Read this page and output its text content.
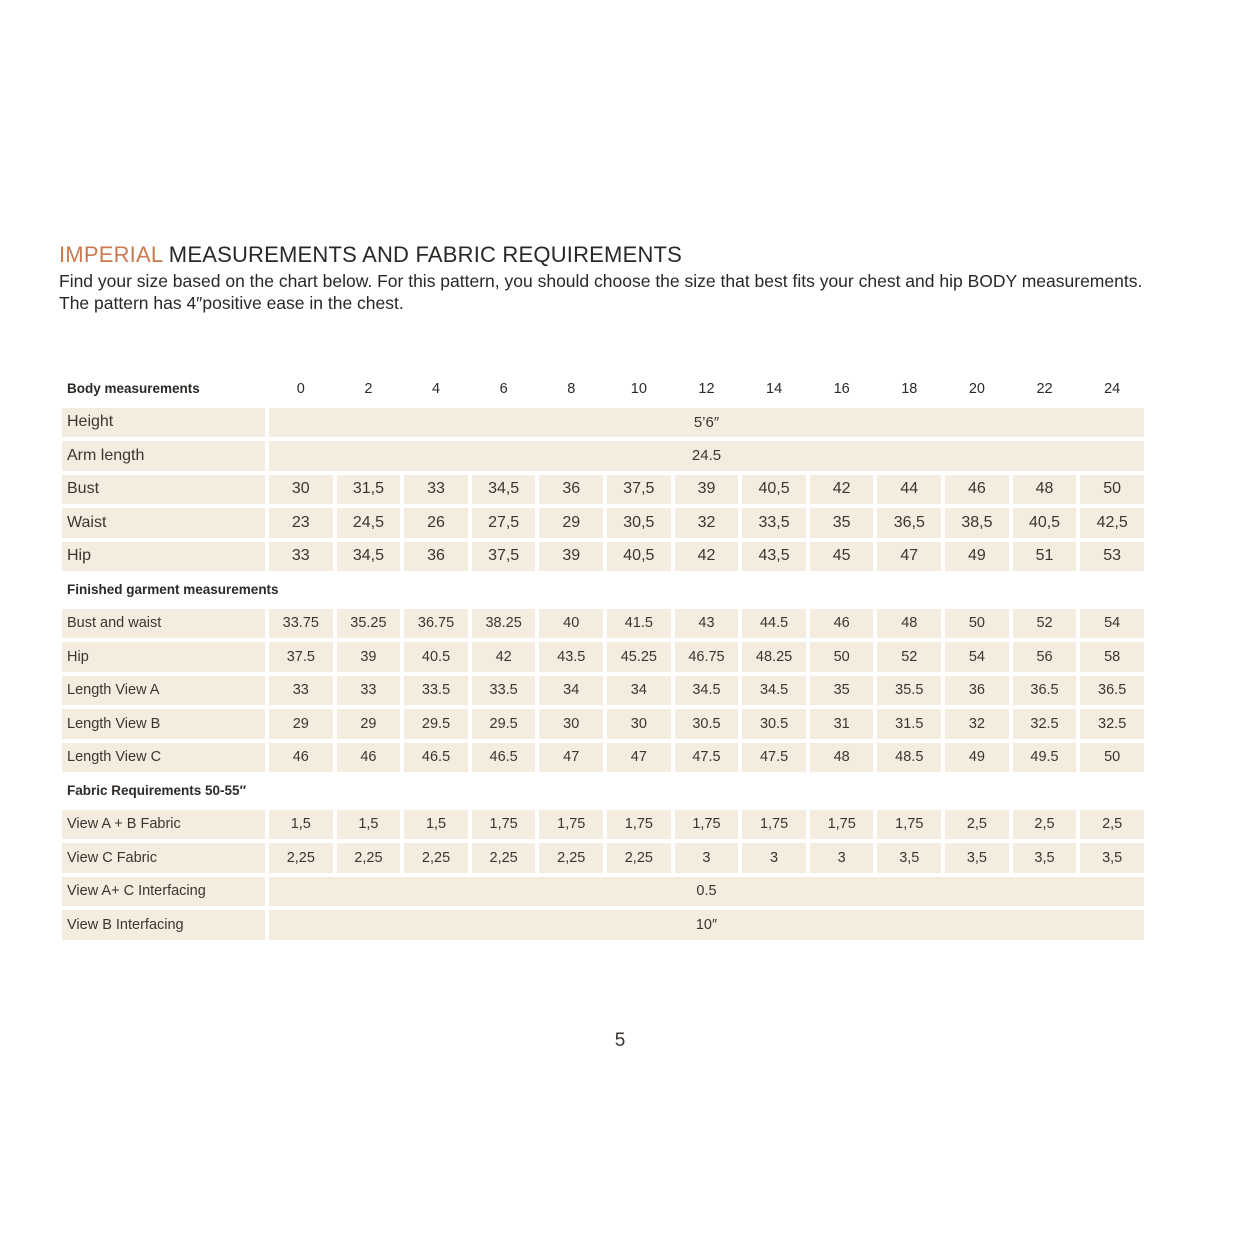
IMPERIAL MEASUREMENTS AND FABRIC REQUIREMENTS
Find your size based on the chart below. For this pattern, you should choose the size that best fits your chest and hip BODY measurements. The pattern has 4″positive ease in the chest.
Body measurements	0	2	4	6	8	10	12	14	16	18	20	22	24
Height	5’6″												
Arm length	24.5												
Bust	30	31,5	33	34,5	36	37,5	39	40,5	42	44	46	48	50
Waist	23	24,5	26	27,5	29	30,5	32	33,5	35	36,5	38,5	40,5	42,5
Hip	33	34,5	36	37,5	39	40,5	42	43,5	45	47	49	51	53
Finished garment measurements													
Bust and waist	33.75	35.25	36.75	38.25	40	41.5	43	44.5	46	48	50	52	54
Hip	37.5	39	40.5	42	43.5	45.25	46.75	48.25	50	52	54	56	58
Length View A	33	33	33.5	33.5	34	34	34.5	34.5	35	35.5	36	36.5	36.5
Length View B	29	29	29.5	29.5	30	30	30.5	30.5	31	31.5	32	32.5	32.5
Length View C	46	46	46.5	46.5	47	47	47.5	47.5	48	48.5	49	49.5	50
Fabric Requirements 50-55″													
View A + B Fabric	1,5	1,5	1,5	1,75	1,75	1,75	1,75	1,75	1,75	1,75	2,5	2,5	2,5
View C Fabric	2,25	2,25	2,25	2,25	2,25	2,25	3	3	3	3,5	3,5	3,5	3,5
View A+ C Interfacing	0.5												
View B Interfacing	10″												
5
